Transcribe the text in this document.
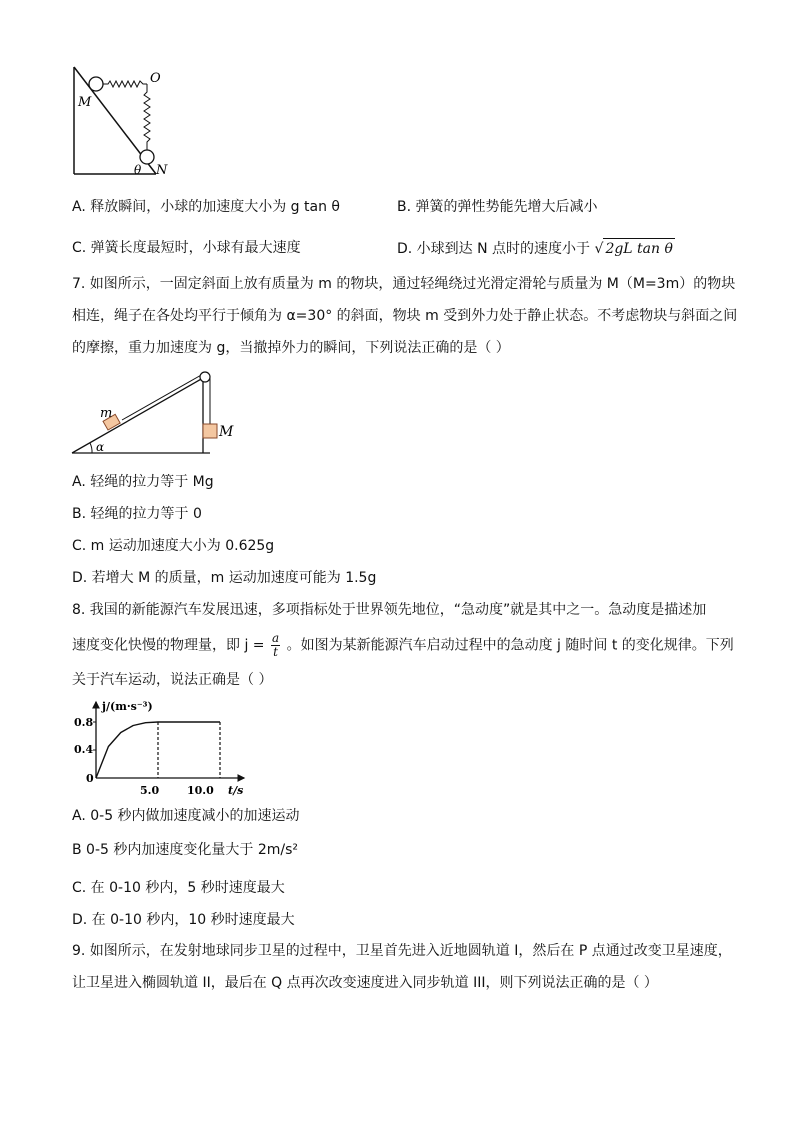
O
M
N
θ
A. 释放瞬间，小球的加速度大小为 g tan θ	B. 弹簧的弹性势能先增大后减小
C. 弹簧长度最短时，小球有最大速度	D. 小球到达 N 点时的速度小于 √ 2gL tan θ
7. 如图所示，一固定斜面上放有质量为 m 的物块，通过轻绳绕过光滑定滑轮与质量为 M（M=3m）的物块
相连，绳子在各处均平行于倾角为 α=30° 的斜面，物块 m 受到外力处于静止状态。不考虑物块与斜面之间
的摩擦，重力加速度为 g，当撤掉外力的瞬间，下列说法正确的是（ ）
m
M
α
A. 轻绳的拉力等于 Mg
B. 轻绳的拉力等于 0
C. m 运动加速度大小为 0.625g
D. 若增大 M 的质量，m 运动加速度可能为 1.5g
8. 我国的新能源汽车发展迅速，多项指标处于世界领先地位，“急动度”就是其中之一。急动度是描述加
速度变化快慢的物理量，即 $j = \frac{a}{t}$ 。如图为某新能源汽车启动过程中的急动度 j 随时间 t 的变化规律。下列
关于汽车运动，说法正确是（ ）
j/(m·s⁻³)
t/s
0
0.8
0.4
5.0	10.0
A. 0-5 秒内做加速度减小的加速运动
B 0-5 秒内加速度变化量大于 2m/s²
C. 在 0-10 秒内，5 秒时速度最大
D. 在 0-10 秒内，10 秒时速度最大
9. 如图所示，在发射地球同步卫星的过程中，卫星首先进入近地圆轨道 I，然后在 P 点通过改变卫星速度，
让卫星进入椭圆轨道 II，最后在 Q 点再次改变速度进入同步轨道 III，则下列说法正确的是（ ）
